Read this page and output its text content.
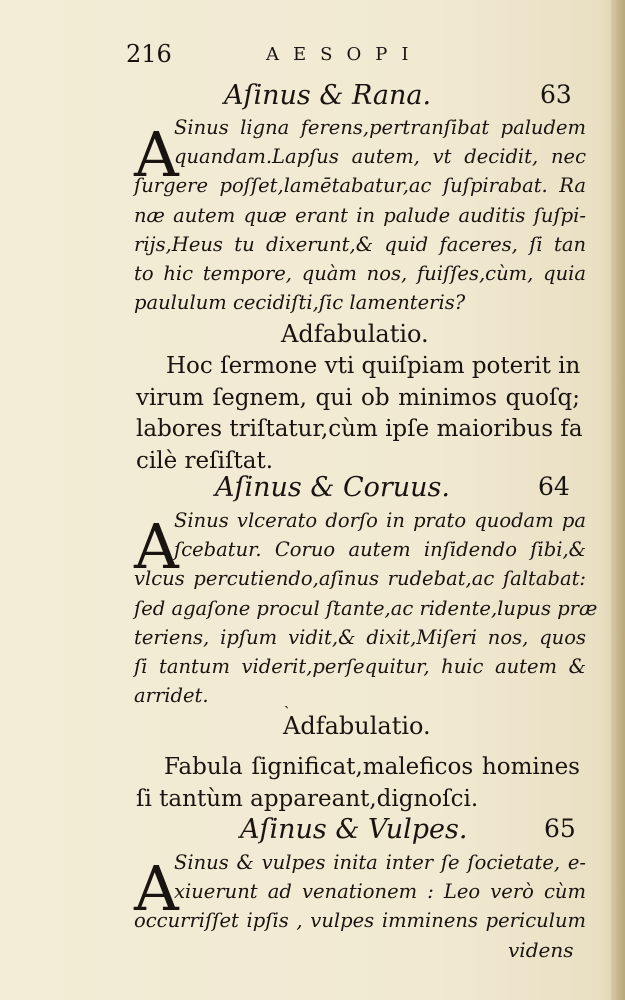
216	AESOPI
Aſinus & Rana.	63
A
Sinus ligna ferens,pertranſibat paludem
quandam.Lapſus autem, vt decidit, nec
ſurgere poſſet,lamētabatur,ac ſuſpirabat. Ra
næ autem quæ erant in palude auditis ſuſpi-
rijs,Heus tu dixerunt,& quid faceres, ſi tan
to hic tempore, quàm nos, fuiſſes,cùm, quia
paululum cecidiſti,ſic lamenteris?
Adfabulatio.
Hoc ſermone vti quiſpiam poterit in
virum ſegnem, qui ob minimos quoſq;
labores triſtatur,cùm ipſe maioribus fa
cilè reſiſtat.
Aſinus & Coruus.	64
A
Sinus vlcerato dorſo in prato quodam pa
ſcebatur. Coruo autem inſidendo ſibi,&
vlcus percutiendo,aſinus rudebat,ac ſaltabat:
ſed agaſone procul ſtante,ac ridente,lupus præ
teriens, ipſum vidit,& dixit,Miſeri nos, quos
ſi tantum viderit,perſequitur, huic autem &
arridet.	ˎ
Adfabulatio.
Fabula ſignificat,maleficos homines
ſi tantùm appareant,dignoſci.
Aſinus & Vulpes.	65
A
Sinus & vulpes inita inter ſe ſocietate, e-
xiuerunt ad venationem : Leo verò cùm
occurriſſet ipſis , vulpes imminens periculum
videns
